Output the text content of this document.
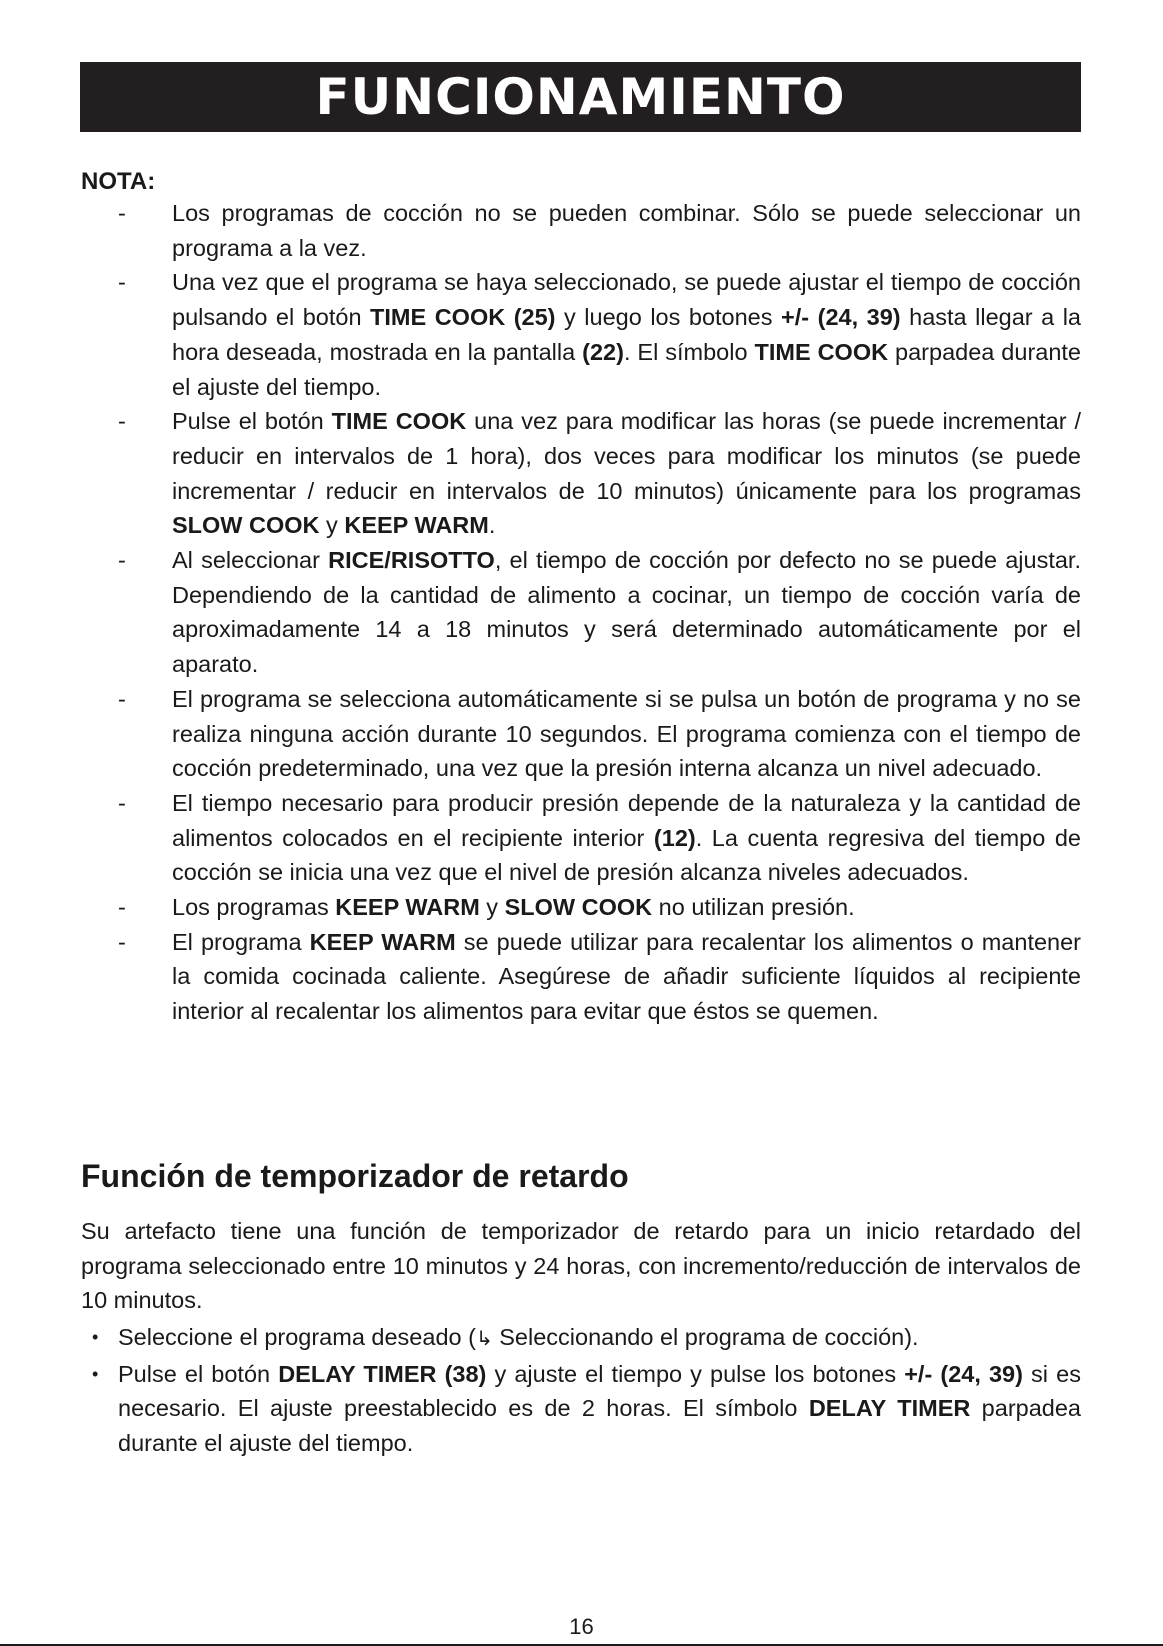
FUNCIONAMIENTO
NOTA:
- Los programas de cocción no se pueden combinar. Sólo se puede seleccionar un programa a la vez.
- Una vez que el programa se haya seleccionado, se puede ajustar el tiempo de cocción pulsando el botón TIME COOK (25) y luego los botones +/- (24, 39) hasta llegar a la hora deseada, mostrada en la pantalla (22). El símbolo TIME COOK parpadea durante el ajuste del tiempo.
- Pulse el botón TIME COOK una vez para modificar las horas (se puede incrementar / reducir en intervalos de 1 hora), dos veces para modificar los minutos (se puede incrementar / reducir en intervalos de 10 minutos) únicamente para los programas SLOW COOK y KEEP WARM.
- Al seleccionar RICE/RISOTTO, el tiempo de cocción por defecto no se puede ajustar. Dependiendo de la cantidad de alimento a cocinar, un tiempo de cocción varía de aproximadamente 14 a 18 minutos y será determinado automáticamente por el aparato.
- El programa se selecciona automáticamente si se pulsa un botón de programa y no se realiza ninguna acción durante 10 segundos. El programa comienza con el tiempo de cocción predeterminado, una vez que la presión interna alcanza un nivel adecuado.
- El tiempo necesario para producir presión depende de la naturaleza y la cantidad de alimentos colocados en el recipiente interior (12). La cuenta regresiva del tiempo de cocción se inicia una vez que el nivel de presión alcanza niveles adecuados.
- Los programas KEEP WARM y SLOW COOK no utilizan presión.
- El programa KEEP WARM se puede utilizar para recalentar los alimentos o mantener la comida cocinada caliente. Asegúrese de añadir suficiente líquidos al recipiente interior al recalentar los alimentos para evitar que éstos se quemen.
Función de temporizador de retardo

Su artefacto tiene una función de temporizador de retardo para un inicio retardado del programa seleccionado entre 10 minutos y 24 horas, con incremento/reducción de intervalos de 10 minutos.

• Seleccione el programa deseado (↳ Seleccionando el programa de cocción).
• Pulse el botón DELAY TIMER (38) y ajuste el tiempo y pulse los botones +/- (24, 39) si es necesario. El ajuste preestablecido es de 2 horas. El símbolo DELAY TIMER parpadea durante el ajuste del tiempo.
16
